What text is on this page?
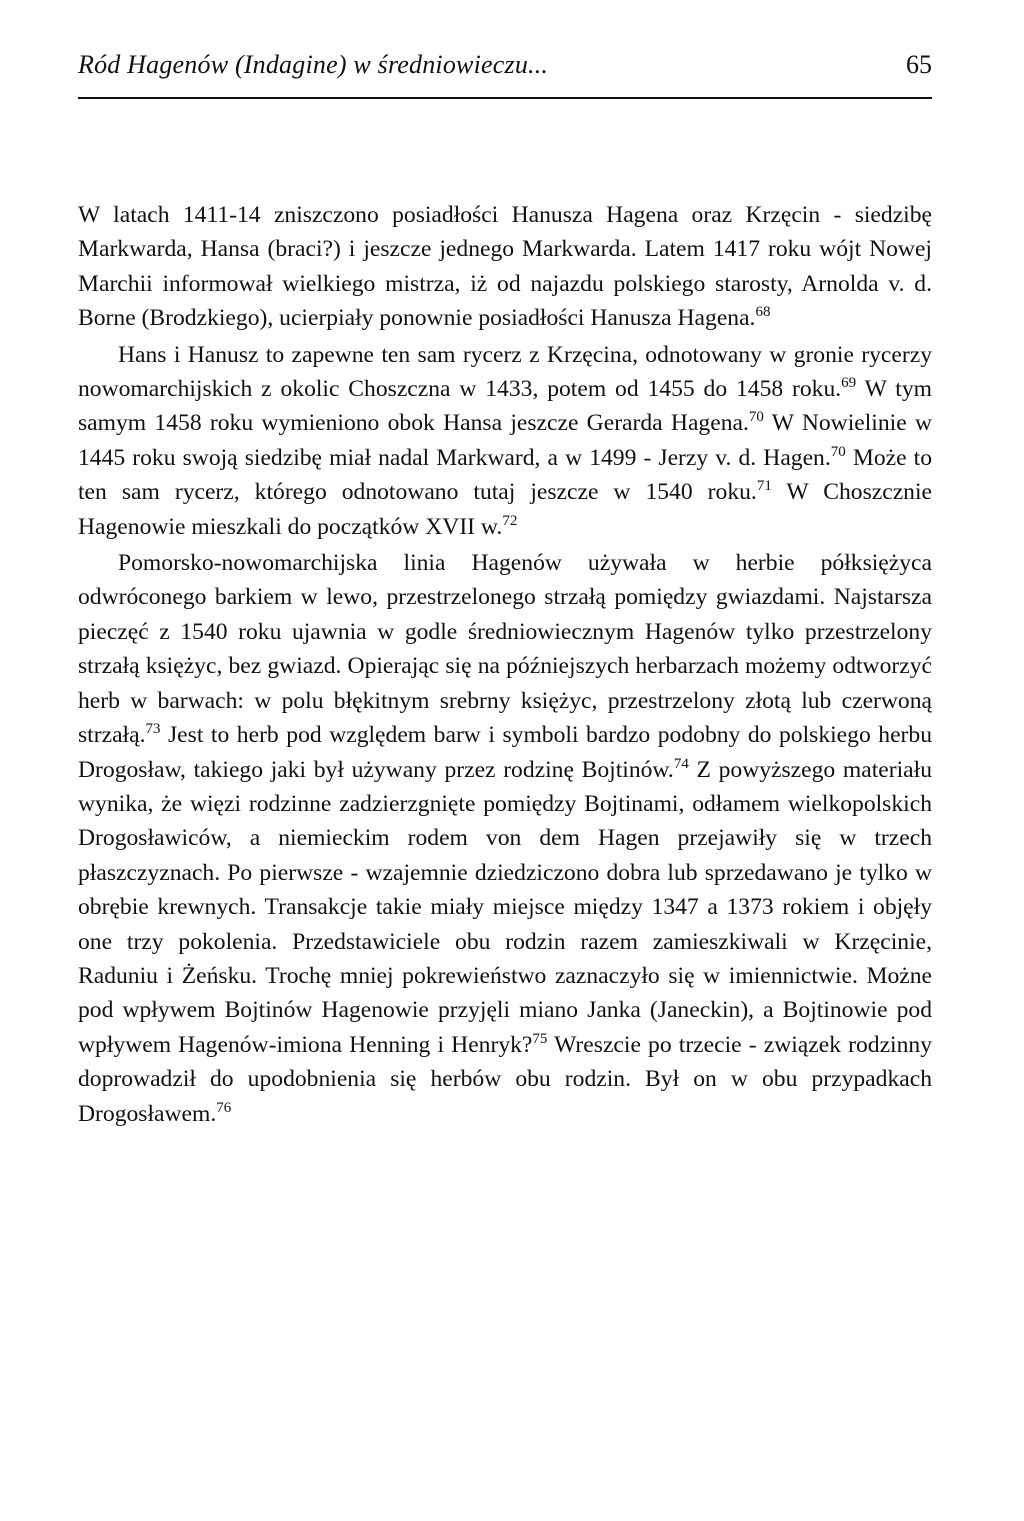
Ród Hagenów (Indagine) w średniowieczu...	65

W latach 1411-14 zniszczono posiadłości Hanusza Hagena oraz Krzęcin - siedzibę Markwarda, Hansa (braci?) i jeszcze jednego Markwarda. Latem 1417 roku wójt Nowej Marchii informował wielkiego mistrza, iż od najazdu polskiego starosty, Arnolda v. d. Borne (Brodzkiego), ucierpiały ponownie posiadłości Hanusza Hagena.$^{68}$

Hans i Hanusz to zapewne ten sam rycerz z Krzęcina, odnotowany w gronie rycerzy nowomarchijskich z okolic Choszczna w 1433, potem od 1455 do 1458 roku.$^{69}$ W tym samym 1458 roku wymieniono obok Hansa jeszcze Gerarda Hagena.$^{70}$ W Nowielinie w 1445 roku swoją siedzibę miał nadal Markward, a w 1499 - Jerzy v. d. Hagen.$^{70}$ Może to ten sam rycerz, którego odnotowano tutaj jeszcze w 1540 roku.$^{71}$ W Choszcznie Hagenowie mieszkali do początków XVII w.$^{72}$

Pomorsko-nowomarchijska linia Hagenów używała w herbie półksiężyca odwróconego barkiem w lewo, przestrzelonego strzałą pomiędzy gwiazdami. Najstarsza pieczęć z 1540 roku ujawnia w godle średniowiecznym Hagenów tylko przestrzelony strzałą księżyc, bez gwiazd. Opierając się na późniejszych herbarzach możemy odtworzyć herb w barwach: w polu błękitnym srebrny księżyc, przestrzelony złotą lub czerwoną strzałą.$^{73}$ Jest to herb pod względem barw i symboli bardzo podobny do polskiego herbu Drogosław, takiego jaki był używany przez rodzinę Bojtinów.$^{74}$ Z powyższego materiału wynika, że więzi rodzinne zadzierzgnięte pomiędzy Bojtinami, odłamem wielkopolskich Drogosławiców, a niemieckim rodem von dem Hagen przejawiły się w trzech płaszczyznach. Po pierwsze - wzajemnie dziedziczono dobra lub sprzedawano je tylko w obrębie krewnych. Transakcje takie miały miejsce między 1347 a 1373 rokiem i objęły one trzy pokolenia. Przedstawiciele obu rodzin razem zamieszkiwali w Krzęcinie, Raduniu i Żeńsku. Trochę mniej pokrewieństwo zaznaczyło się w imiennictwie. Możne pod wpływem Bojtinów Hagenowie przyjęli miano Janka (Janeckin), a Bojtinowie pod wpływem Hagenów-imiona Henning i Henryk?$^{75}$ Wreszcie po trzecie - związek rodzinny doprowadził do upodobnienia się herbów obu rodzin. Był on w obu przypadkach Drogosławem.$^{76}$
